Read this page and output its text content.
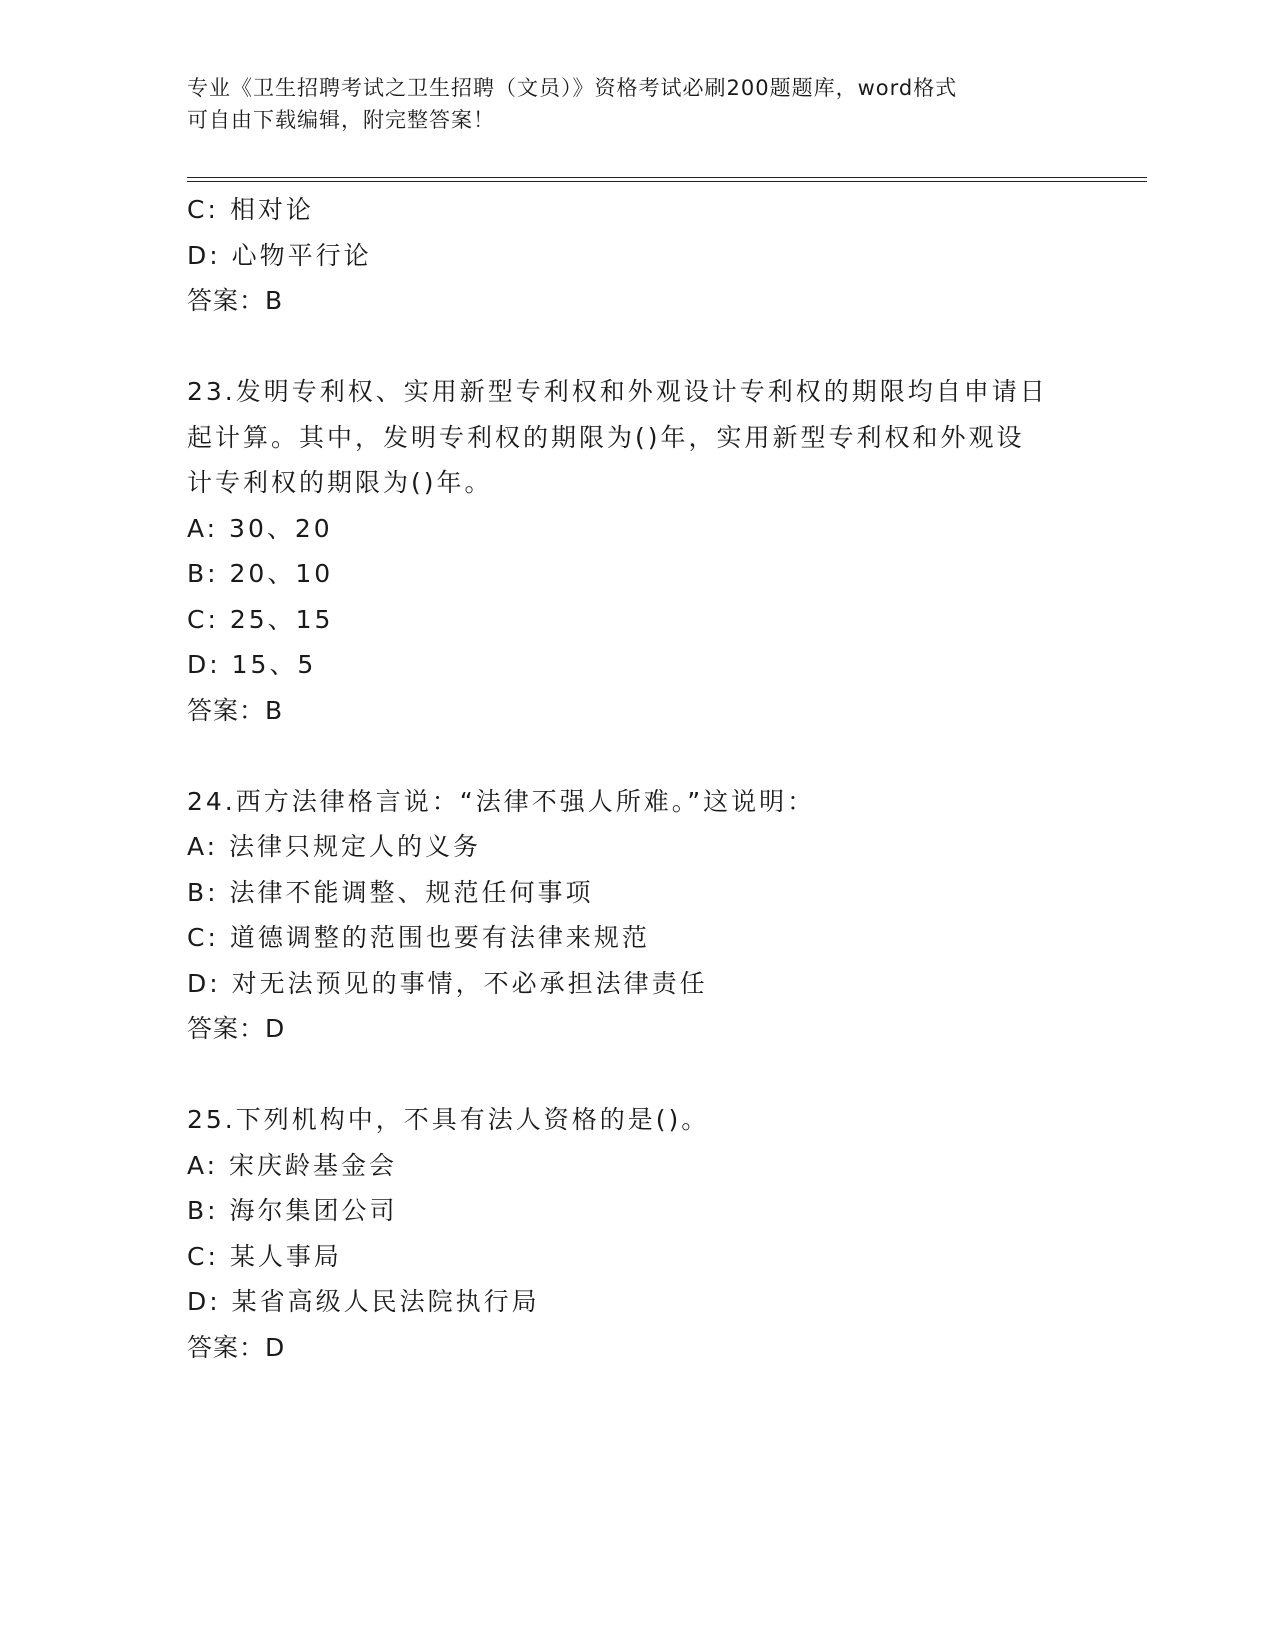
专业《卫生招聘考试之卫生招聘（文员）》资格考试必刷200题题库，word格式
可自由下载编辑，附完整答案！
C: 相对论
D: 心物平行论
答案：B
23.发明专利权、实用新型专利权和外观设计专利权的期限均自申请日
起计算。其中，发明专利权的期限为()年，实用新型专利权和外观设
计专利权的期限为()年。
A: 30、20
B: 20、10
C: 25、15
D: 15、5
答案：B
24.西方法律格言说：“法律不强人所难。”这说明：
A: 法律只规定人的义务
B: 法律不能调整、规范任何事项
C: 道德调整的范围也要有法律来规范
D: 对无法预见的事情，不必承担法律责任
答案：D
25.下列机构中，不具有法人资格的是()。
A: 宋庆龄基金会
B: 海尔集团公司
C: 某人事局
D: 某省高级人民法院执行局
答案：D
